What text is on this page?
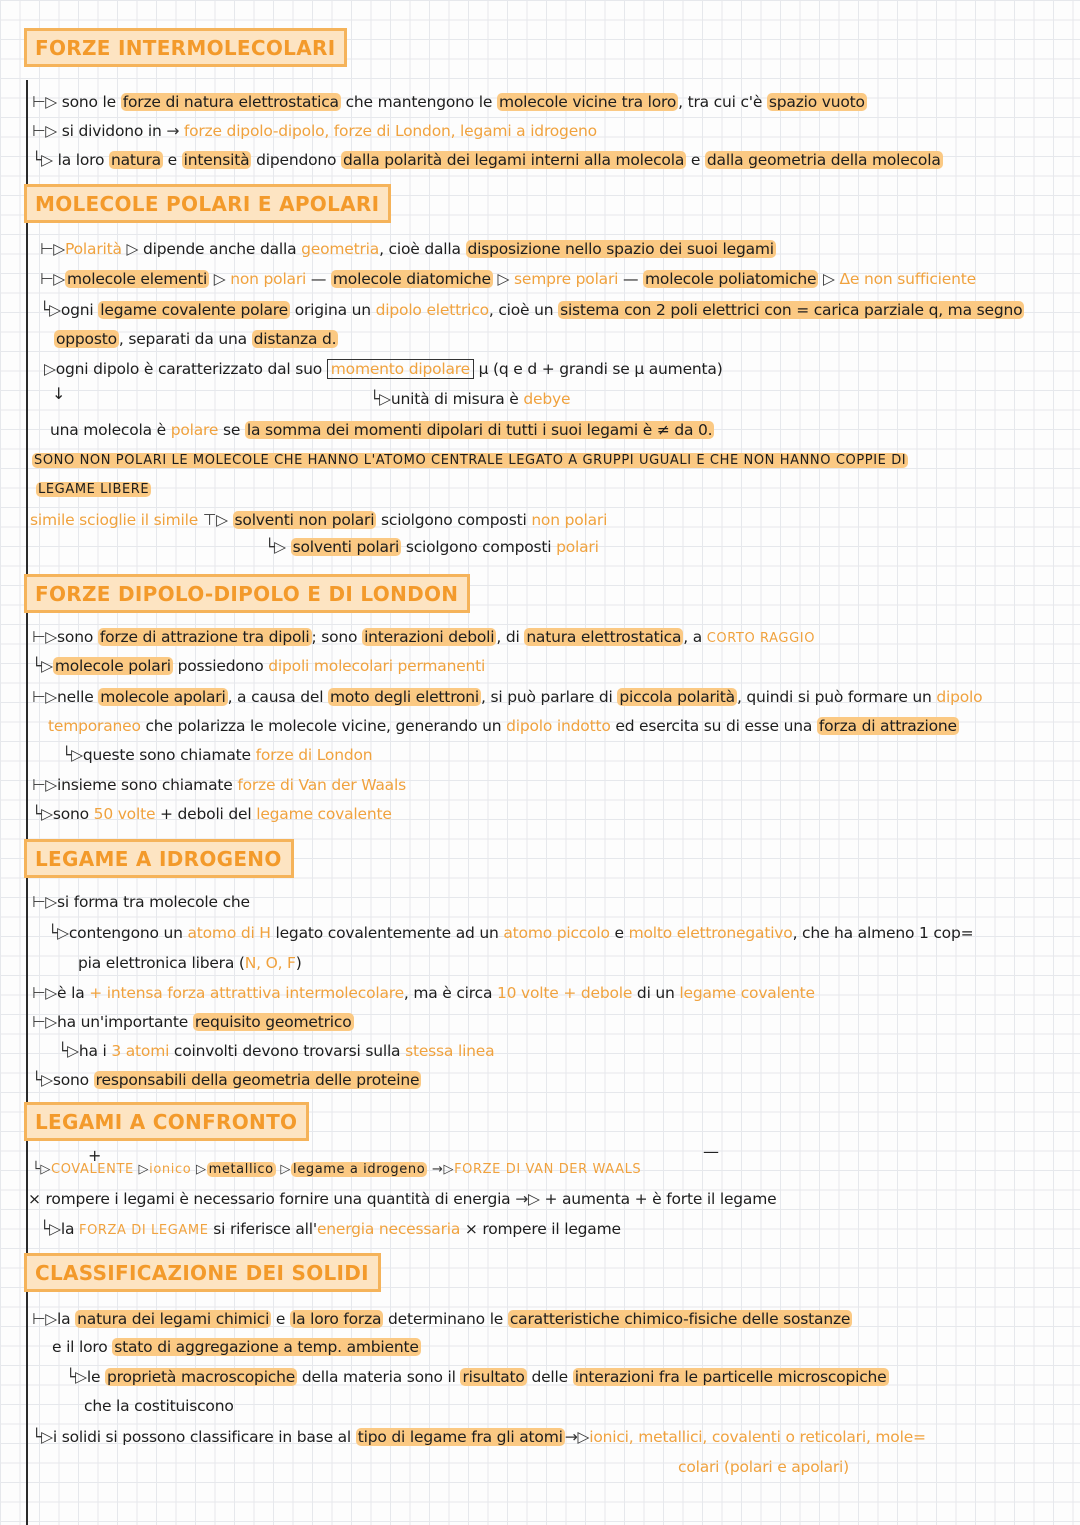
FORZE INTERMOLECOLARI
⊢▷ sono le forze di natura elettrostatica che mantengono le molecole vicine tra loro , tra cui c'è spazio vuoto
⊢▷ si dividono in → forze dipolo-dipolo, forze di London, legami a idrogeno
└▷ la loro natura e intensità dipendono dalla polarità dei legami interni alla molecola e dalla geometria della molecola
MOLECOLE POLARI E APOLARI
⊢▷Polarità ▷ dipende anche dalla geometria, cioè dalla disposizione nello spazio dei suoi legami
⊢▷ molecole elementi ▷ non polari — molecole diatomiche ▷ sempre polari — molecole poliatomiche ▷ Δe non sufficiente
└▷ogni legame covalente polare origina un dipolo elettrico, cioè un sistema con 2 poli elettrici con = carica parziale q, ma segno
opposto , separati da una distanza d.
▷ogni dipolo è caratterizzato dal suo momento dipolare μ (q e d + grandi se μ aumenta)
└▷unità di misura è debye
↓
una molecola è polare se la somma dei momenti dipolari di tutti i suoi legami è ≠ da 0.
SONO NON POLARI LE MOLECOLE CHE HANNO L'ATOMO CENTRALE LEGATO A GRUPPI UGUALI E CHE NON HANNO COPPIE DI
LEGAME LIBERE
simile scioglie il simile ⊤▷ solventi non polari sciolgono composti non polari
└▷ solventi polari sciolgono composti polari
FORZE DIPOLO-DIPOLO E DI LONDON
⊢▷sono forze di attrazione tra dipoli ; sono interazioni deboli , di natura elettrostatica , a CORTO RAGGIO
└▷ molecole polari possiedono dipoli molecolari permanenti
⊢▷nelle molecole apolari , a causa del moto degli elettroni , si può parlare di piccola polarità , quindi si può formare un dipolo
temporaneo che polarizza le molecole vicine, generando un dipolo indotto ed esercita su di esse una forza di attrazione
└▷queste sono chiamate forze di London
⊢▷insieme sono chiamate forze di Van der Waals
└▷sono 50 volte + deboli del legame covalente
LEGAME A IDROGENO
⊢▷si forma tra molecole che
└▷contengono un atomo di H legato covalentemente ad un atomo piccolo e molto elettronegativo, che ha almeno 1 cop=
pia elettronica libera (N, O, F)
⊢▷è la + intensa forza attrattiva intermolecolare, ma è circa 10 volte + debole di un legame covalente
⊢▷ha un'importante requisito geometrico
└▷ha i 3 atomi coinvolti devono trovarsi sulla stessa linea
└▷sono responsabili della geometria delle proteine
LEGAMI A CONFRONTO
+	—
└▷COVALENTE ▷ionico ▷ metallico ▷ legame a idrogeno →▷FORZE DI VAN DER WAALS
× rompere i legami è necessario fornire una quantità di energia →▷ + aumenta + è forte il legame
└▷la FORZA DI LEGAME si riferisce all'energia necessaria × rompere il legame
CLASSIFICAZIONE DEI SOLIDI
⊢▷la natura dei legami chimici e la loro forza determinano le caratteristiche chimico-fisiche delle sostanze
e il loro stato di aggregazione a temp. ambiente
└▷le proprietà macroscopiche della materia sono il risultato delle interazioni fra le particelle microscopiche
che la costituiscono
└▷i solidi si possono classificare in base al tipo di legame fra gli atomi →▷ionici, metallici, covalenti o reticolari, mole=
colari (polari e apolari)
